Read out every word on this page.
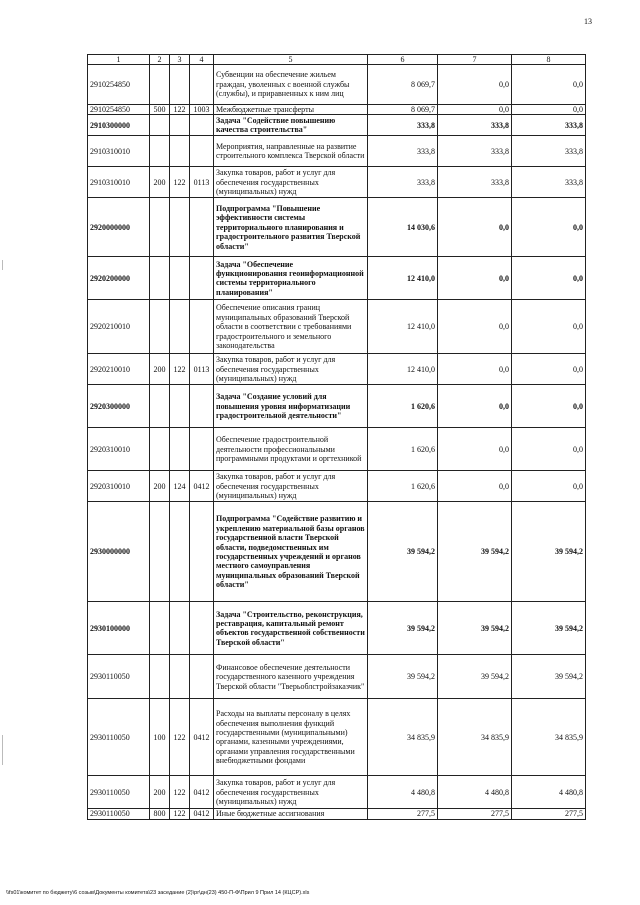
13
1	2	3	4	5	6	7	8
2910254850				Субвенции на обеспечение жильем граждан, уволенных с военной службы (службы), и приравненных к ним лиц	8 069,7	0,0	0,0
2910254850	500	122	1003	Межбюджетные трансферты	8 069,7	0,0	0,0
2910300000				Задача "Содействие повышению качества строительства"	333,8	333,8	333,8
2910310010				Мероприятия, направленные на развитие строительного комплекса Тверской области	333,8	333,8	333,8
2910310010	200	122	0113	Закупка товаров, работ и услуг для обеспечения государственных (муниципальных) нужд	333,8	333,8	333,8
2920000000				Подпрограмма "Повышение эффективности системы территориального планирования и градостроительного развития Тверской области"	14 030,6	0,0	0,0
2920200000				Задача "Обеспечение функционирования геоинформационной системы территориального планирования"	12 410,0	0,0	0,0
2920210010				Обеспечение описания границ муниципальных образований Тверской области в соответствии с требованиями градостроительного и земельного законодательства	12 410,0	0,0	0,0
2920210010	200	122	0113	Закупка товаров, работ и услуг для обеспечения государственных (муниципальных) нужд	12 410,0	0,0	0,0
2920300000				Задача "Создание условий для повышения уровня информатизации градостроительной деятельности"	1 620,6	0,0	0,0
2920310010				Обеспечение градостроительной деятельности профессиональными программными продуктами и оргтехникой	1 620,6	0,0	0,0
2920310010	200	124	0412	Закупка товаров, работ и услуг для обеспечения государственных (муниципальных) нужд	1 620,6	0,0	0,0
2930000000				Подпрограмма "Содействие развитию и укреплению материальной базы органов государственной власти Тверской области, подведомственных им государственных учреждений и органов местного самоуправления муниципальных образований Тверской области"	39 594,2	39 594,2	39 594,2
2930100000				Задача "Строительство, реконструкция, реставрация, капитальный ремонт объектов государственной собственности Тверской области"	39 594,2	39 594,2	39 594,2
2930110050				Финансовое обеспечение деятельности государственного казенного учреждения Тверской области "Тверьоблстройзаказчик"	39 594,2	39 594,2	39 594,2
2930110050	100	122	0412	Расходы на выплаты персоналу в целях обеспечения выполнения функций государственными (муниципальными) органами, казенными учреждениями, органами управления государственными внебюджетными фондами	34 835,9	34 835,9	34 835,9
2930110050	200	122	0412	Закупка товаров, работ и услуг для обеспечения государственных (муниципальных) нужд	4 480,8	4 480,8	4 480,8
2930110050	800	122	0412	Иные бюджетные ассигнования	277,5	277,5	277,5
\\fs01\комитет по бюджету\6 созыв\Документы комитета\23 заседание (2)\pr\дн(23) 450-П-Ф\Прил 9 Прил 14 (КЦСР).xls
